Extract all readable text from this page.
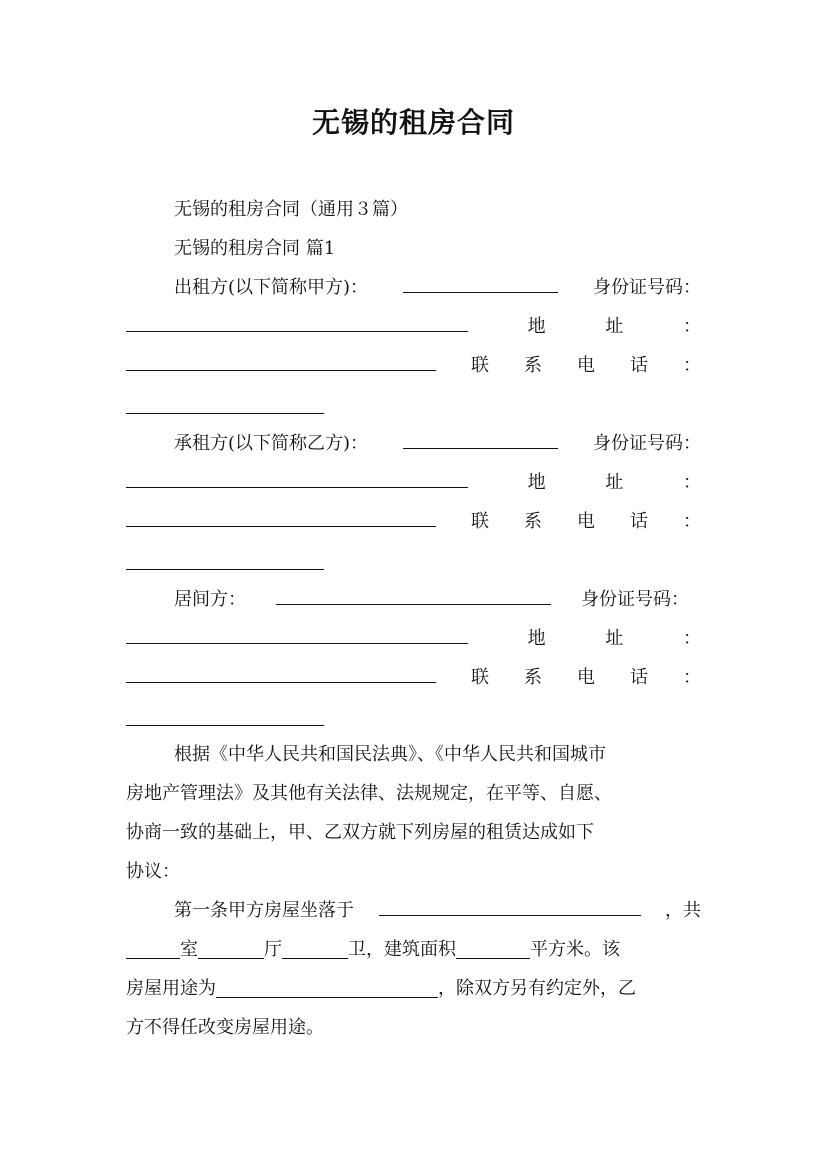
无锡的租房合同
无锡的租房合同（通用３篇）
无锡的租房合同 篇1
出租方(以下简称甲方)：	身份证号码：
地	址	：
联 系 电 话 ：
承租方(以下简称乙方)：	身份证号码：
地	址	：
联 系 电 话 ：
居间方：	身份证号码：
地	址	：
联 系 电 话 ：
根据《中华人民共和国民法典》、《中华人民共和国城市
房地产管理法》及其他有关法律、法规规定，在平等、自愿、
协商一致的基础上，甲、乙双方就下列房屋的租赁达成如下
协议：
第一条甲方房屋坐落于	，共
室	厅	卫，建筑面积	平方米。该
房屋用途为	，除双方另有约定外，乙
方不得任改变房屋用途。
